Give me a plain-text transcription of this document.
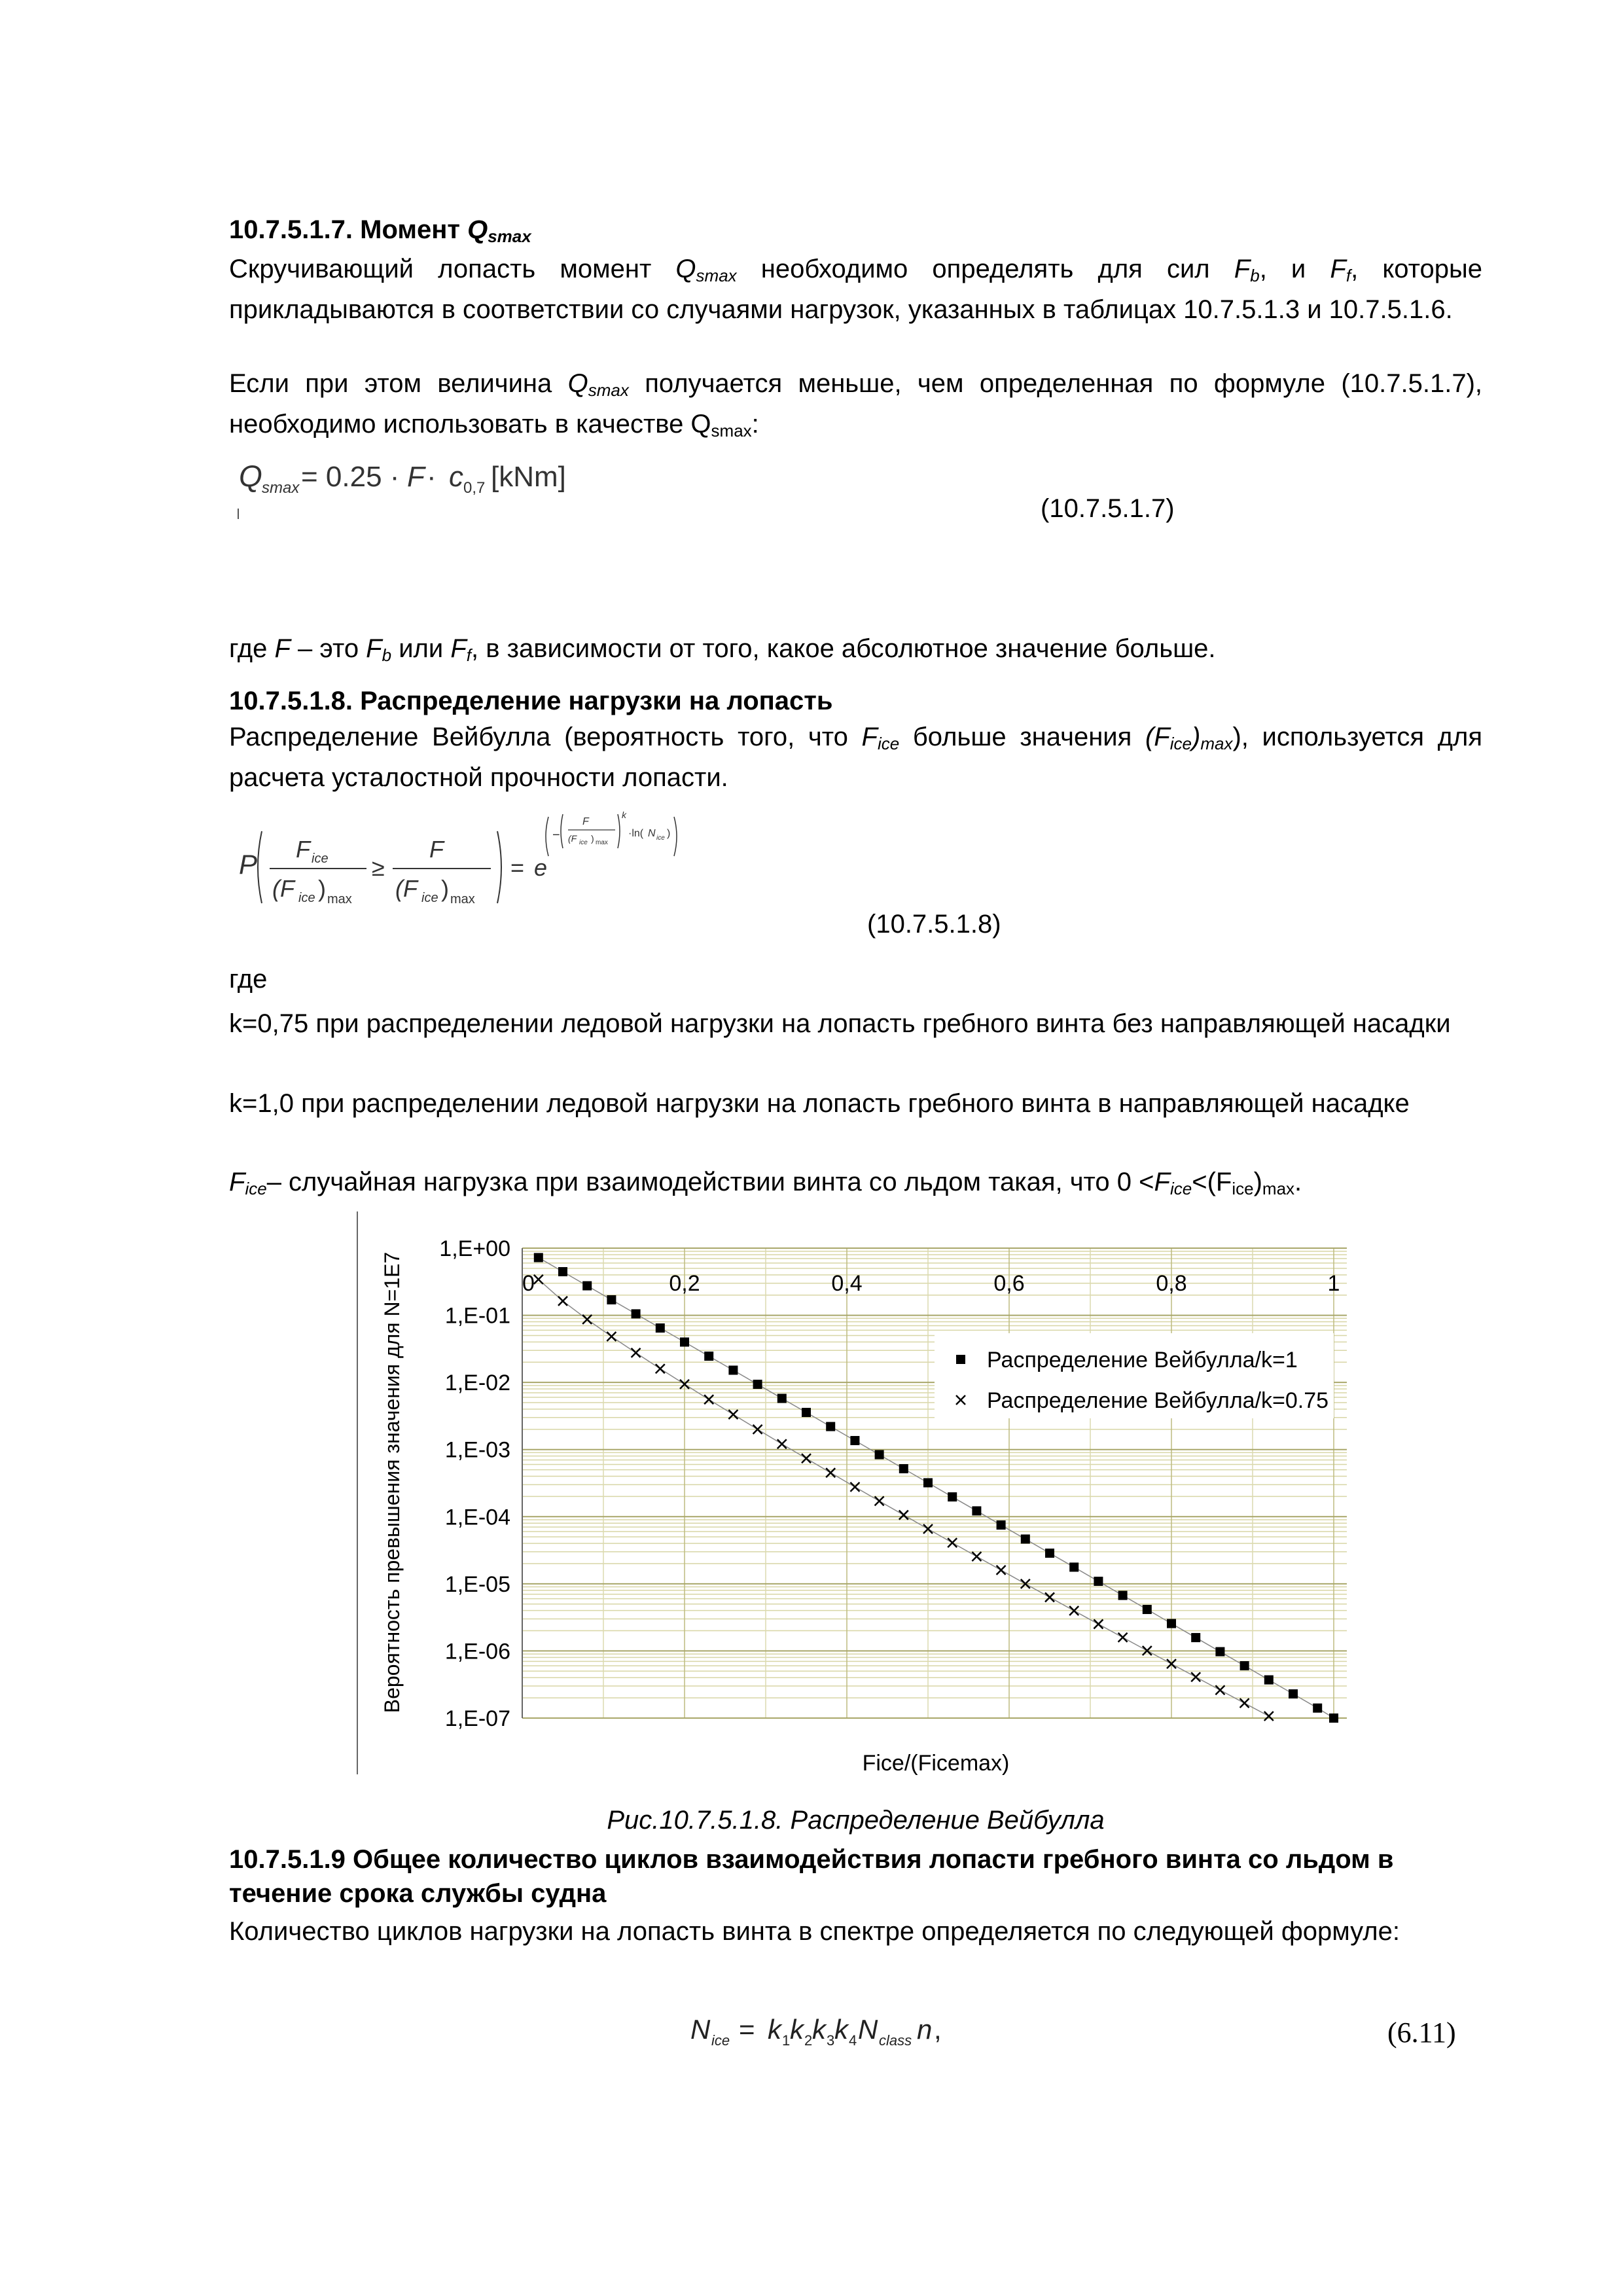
10.7.5.1.7. Момент $Q_{smax}$

Скручивающий лопасть момент $Q_{smax}$ необходимо определять для сил $F_b$, и $F_f$, которые прикладываются в соответствии со случаями нагрузок, указанных в таблицах 10.7.5.1.3 и 10.7.5.1.6.

Если при этом величина $Q_{smax}$ получается меньше, чем определенная по формуле (10.7.5.1.7), необходимо использовать в качестве Qsmax:

Q smax = 0.25 · F · c 0,7 [kNm]
(10.7.5.1.7)

где F – это $F_b$ или $F_f$, в зависимости от того, какое абсолютное значение больше.

10.7.5.1.8. Распределение нагрузки на лопасть

Распределение Вейбулла (вероятность того, что $F_{ice}$ больше значения $(F_{ice})_{max}$), используется для расчета усталостной прочности лопасти.

P F ice
(F ice ) max
≥
F
(F ice ) max
= e
−
F
(F ice ) max
k
·ln( N ice )
(10.7.5.1.8)

где

k=0,75 при распределении ледовой нагрузки на лопасть гребного винта без направляющей насадки

k=1,0 при распределении ледовой нагрузки на лопасть гребного винта в направляющей насадке

$F_{ice}-$ случайная нагрузка при взаимодействии винта со льдом такая, что $0 <F_{ice}<(Fice)\max$.

1,E+00
1,E-01
1,E-02
1,E-03
1,E-04
1,E-05
1,E-06
1,E-07
0	0,2	0,4	0,6	0,8	1
Распределение Вейбулла/k=1
Распределение Вейбулла/k=0.75
Вероятность превышения значения для N=1E7
Fice/(Ficemax)
Рис.10.7.5.1.8. Распределение Вейбулла

10.7.5.1.9 Общее количество циклов взаимодействия лопасти гребного винта со льдом в течение срока службы судна

Количество циклов нагрузки на лопасть винта в спектре определяется по следующей формуле:

N ice = k 1 k 2 k 3 k 4 N class n ,	(6.11)
